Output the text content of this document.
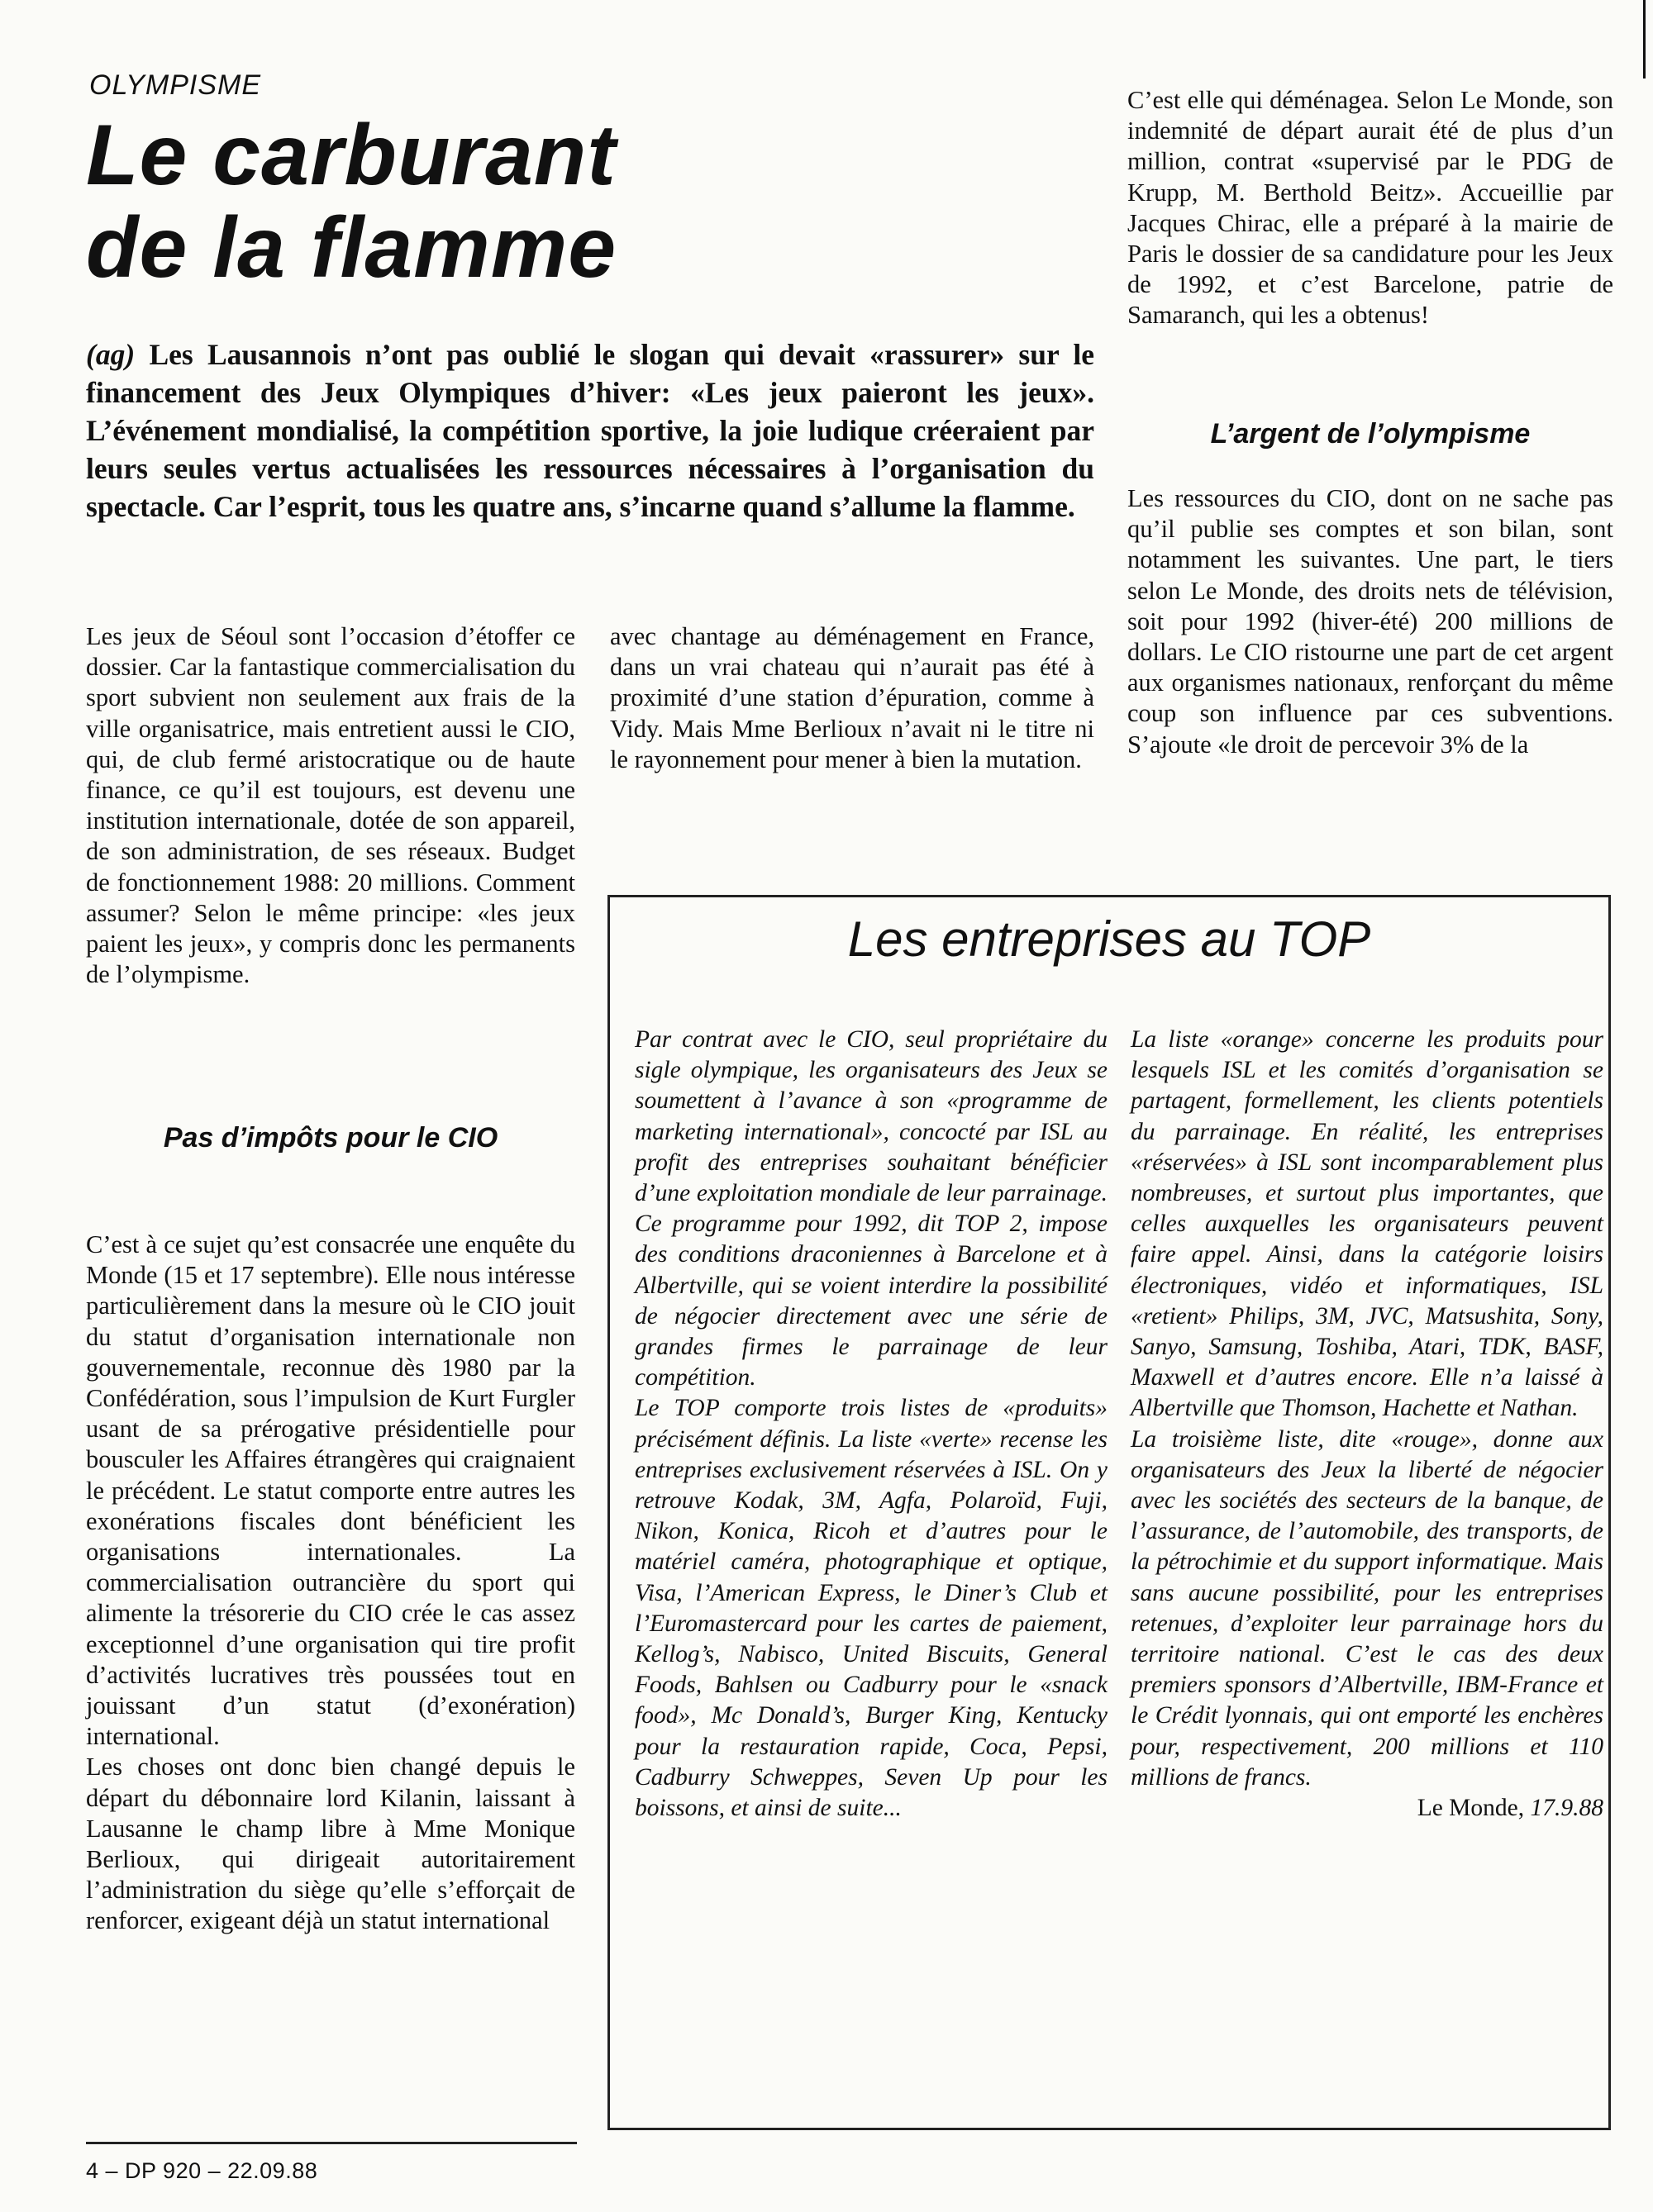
OLYMPISME
Le carburant de la flamme
(ag) Les Lausannois n’ont pas oublié le slogan qui devait «rassurer» sur le financement des Jeux Olympiques d’hiver: «Les jeux paieront les jeux». L’événement mondialisé, la compétition sportive, la joie ludique créeraient par leurs seules vertus actualisées les ressources nécessaires à l’organisation du spectacle. Car l’esprit, tous les quatre ans, s’incarne quand s’allume la flamme.

Les jeux de Séoul sont l’occasion d’étoffer ce dossier. Car la fantastique commercialisation du sport subvient non seulement aux frais de la ville organisatrice, mais entretient aussi le CIO, qui, de club fermé aristocratique ou de haute finance, ce qu’il est toujours, est devenu une institution internationale, dotée de son appareil, de son administration, de ses réseaux. Budget de fonctionnement 1988: 20 millions. Comment assumer? Selon le même principe: «les jeux paient les jeux», y compris donc les permanents de l’olympisme.

Pas d’impôts pour le CIO

C’est à ce sujet qu’est consacrée une enquête du Monde (15 et 17 septembre). Elle nous intéresse particulièrement dans la mesure où le CIO jouit du statut d’organisation internationale non gouvernementale, reconnue dès 1980 par la Confédération, sous l’impulsion de Kurt Furgler usant de sa prérogative présidentielle pour bousculer les Affaires étrangères qui craignaient le précédent. Le statut comporte entre autres les exonérations fiscales dont bénéficient les organisations internationales. La commercialisation outrancière du sport qui alimente la trésorerie du CIO crée le cas assez exceptionnel d’une organisation qui tire profit d’activités lucratives très poussées tout en jouissant d’un statut (d’exonération) international.

Les choses ont donc bien changé depuis le départ du débonnaire lord Kilanin, laissant à Lausanne le champ libre à Mme Monique Berlioux, qui dirigeait autoritairement l’administration du siège qu’elle s’efforçait de renforcer, exigeant déjà un statut international

avec chantage au déménagement en France, dans un vrai chateau qui n’aurait pas été à proximité d’une station d’épuration, comme à Vidy. Mais Mme Berlioux n’avait ni le titre ni le rayonnement pour mener à bien la mutation.

C’est elle qui déménagea. Selon Le Monde, son indemnité de départ aurait été de plus d’un million, contrat «supervisé par le PDG de Krupp, M. Berthold Beitz». Accueillie par Jacques Chirac, elle a préparé à la mairie de Paris le dossier de sa candidature pour les Jeux de 1992, et c’est Barcelone, patrie de Samaranch, qui les a obtenus!

L’argent de l’olympisme

Les ressources du CIO, dont on ne sache pas qu’il publie ses comptes et son bilan, sont notamment les suivantes. Une part, le tiers selon Le Monde, des droits nets de télévision, soit pour 1992 (hiver-été) 200 millions de dollars. Le CIO ristourne une part de cet argent aux organismes nationaux, renforçant du même coup son influence par ces subventions. S’ajoute «le droit de percevoir 3% de la

Les entreprises au TOP

Par contrat avec le CIO, seul propriétaire du sigle olympique, les organisateurs des Jeux se soumettent à l’avance à son «programme de marketing international», concocté par ISL au profit des entreprises souhaitant bénéficier d’une exploitation mondiale de leur parrainage. Ce programme pour 1992, dit TOP 2, impose des conditions draconiennes à Barcelone et à Albertville, qui se voient interdire la possibilité de négocier directement avec une série de grandes firmes le parrainage de leur compétition.

Le TOP comporte trois listes de «produits» précisément définis. La liste «verte» recense les entreprises exclusivement réservées à ISL. On y retrouve Kodak, 3M, Agfa, Polaroïd, Fuji, Nikon, Konica, Ricoh et d’autres pour le matériel caméra, photographique et optique, Visa, l’American Express, le Diner’s Club et l’Euromastercard pour les cartes de paiement, Kellog’s, Nabisco, United Biscuits, General Foods, Bahlsen ou Cadburry pour le «snack food», Mc Donald’s, Burger King, Kentucky pour la restauration rapide, Coca, Pepsi, Cadburry Schweppes, Seven Up pour les boissons, et ainsi de suite...

La liste «orange» concerne les produits pour lesquels ISL et les comités d’organisation se partagent, formellement, les clients potentiels du parrainage. En réalité, les entreprises «réservées» à ISL sont incomparablement plus nombreuses, et surtout plus importantes, que celles auxquelles les organisateurs peuvent faire appel. Ainsi, dans la catégorie loisirs électroniques, vidéo et informatiques, ISL «retient» Philips, 3M, JVC, Matsushita, Sony, Sanyo, Samsung, Toshiba, Atari, TDK, BASF, Maxwell et d’autres encore. Elle n’a laissé à Albertville que Thomson, Hachette et Nathan.

La troisième liste, dite «rouge», donne aux organisateurs des Jeux la liberté de négocier avec les sociétés des secteurs de la banque, de l’assurance, de l’automobile, des transports, de la pétrochimie et du support informatique. Mais sans aucune possibilité, pour les entreprises retenues, d’exploiter leur parrainage hors du territoire national. C’est le cas des deux premiers sponsors d’Albertville, IBM-France et le Crédit lyonnais, qui ont emporté les enchères pour, respectivement, 200 millions et 110 millions de francs.

Le Monde, 17.9.88

4 – DP 920 – 22.09.88
